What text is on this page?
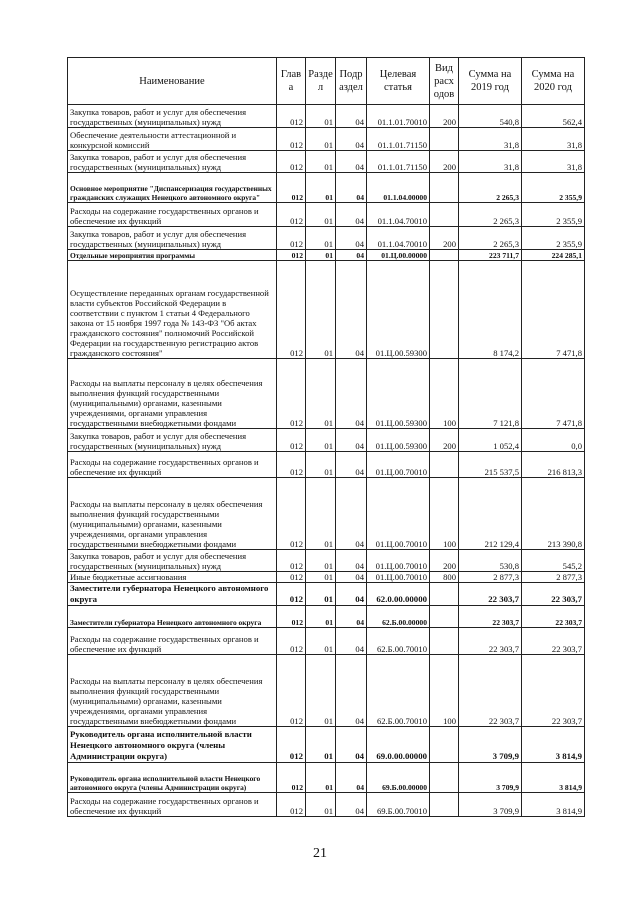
Наименование	Глав а	Разде л	Подр аздел	Целевая статья	Вид расх одов	Сумма на 2019 год	Сумма на 2020 год
Закупка товаров, работ и услуг для обеспечения государственных (муниципальных) нужд	012	01	04	01.1.01.70010	200	540,8	562,4
Обеспечение деятельности аттестационной и конкурсной комиссий	012	01	04	01.1.01.71150		31,8	31,8
Закупка товаров, работ и услуг для обеспечения государственных (муниципальных) нужд	012	01	04	01.1.01.71150	200	31,8	31,8
Основное мероприятие "Диспансеризация государственных гражданских служащих Ненецкого автономного округа"	012	01	04	01.1.04.00000		2 265,3	2 355,9
Расходы на содержание государственных органов и обеспечение их функций	012	01	04	01.1.04.70010		2 265,3	2 355,9
Закупка товаров, работ и услуг для обеспечения государственных (муниципальных) нужд	012	01	04	01.1.04.70010	200	2 265,3	2 355,9
Отдельные мероприятия программы	012	01	04	01.Ц.00.00000		223 711,7	224 285,1
Осуществление переданных органам государственной власти субъектов Российской Федерации в соответствии с пунктом 1 статьи 4 Федерального закона от 15 ноября 1997 года № 143-ФЗ "Об актах гражданского состояния" полномочий Российской Федерации на государственную регистрацию актов гражданского состояния"	012	01	04	01.Ц.00.59300		8 174,2	7 471,8
Расходы на выплаты персоналу в целях обеспечения выполнения функций государственными (муниципальными) органами, казенными учреждениями, органами управления государственными внебюджетными фондами	012	01	04	01.Ц.00.59300	100	7 121,8	7 471,8
Закупка товаров, работ и услуг для обеспечения государственных (муниципальных) нужд	012	01	04	01.Ц.00.59300	200	1 052,4	0,0
Расходы на содержание государственных органов и обеспечение их функций	012	01	04	01.Ц.00.70010		215 537,5	216 813,3
Расходы на выплаты персоналу в целях обеспечения выполнения функций государственными (муниципальными) органами, казенными учреждениями, органами управления государственными внебюджетными фондами	012	01	04	01.Ц.00.70010	100	212 129,4	213 390,8
Закупка товаров, работ и услуг для обеспечения государственных (муниципальных) нужд	012	01	04	01.Ц.00.70010	200	530,8	545,2
Иные бюджетные ассигнования	012	01	04	01.Ц.00.70010	800	2 877,3	2 877,3
Заместители губернатора Ненецкого автономного округа	012	01	04	62.0.00.00000		22 303,7	22 303,7
Заместители губернатора Ненецкого автономного округа	012	01	04	62.Б.00.00000		22 303,7	22 303,7
Расходы на содержание государственных органов и обеспечение их функций	012	01	04	62.Б.00.70010		22 303,7	22 303,7
Расходы на выплаты персоналу в целях обеспечения выполнения функций государственными (муниципальными) органами, казенными учреждениями, органами управления государственными внебюджетными фондами	012	01	04	62.Б.00.70010	100	22 303,7	22 303,7
Руководитель органа исполнительной власти Ненецкого автономного округа (члены Администрации округа)	012	01	04	69.0.00.00000		3 709,9	3 814,9
Руководитель органа исполнительной власти Ненецкого автономного округа (члены Администрации округа)	012	01	04	69.Б.00.00000		3 709,9	3 814,9
Расходы на содержание государственных органов и обеспечение их функций	012	01	04	69.Б.00.70010		3 709,9	3 814,9
21
